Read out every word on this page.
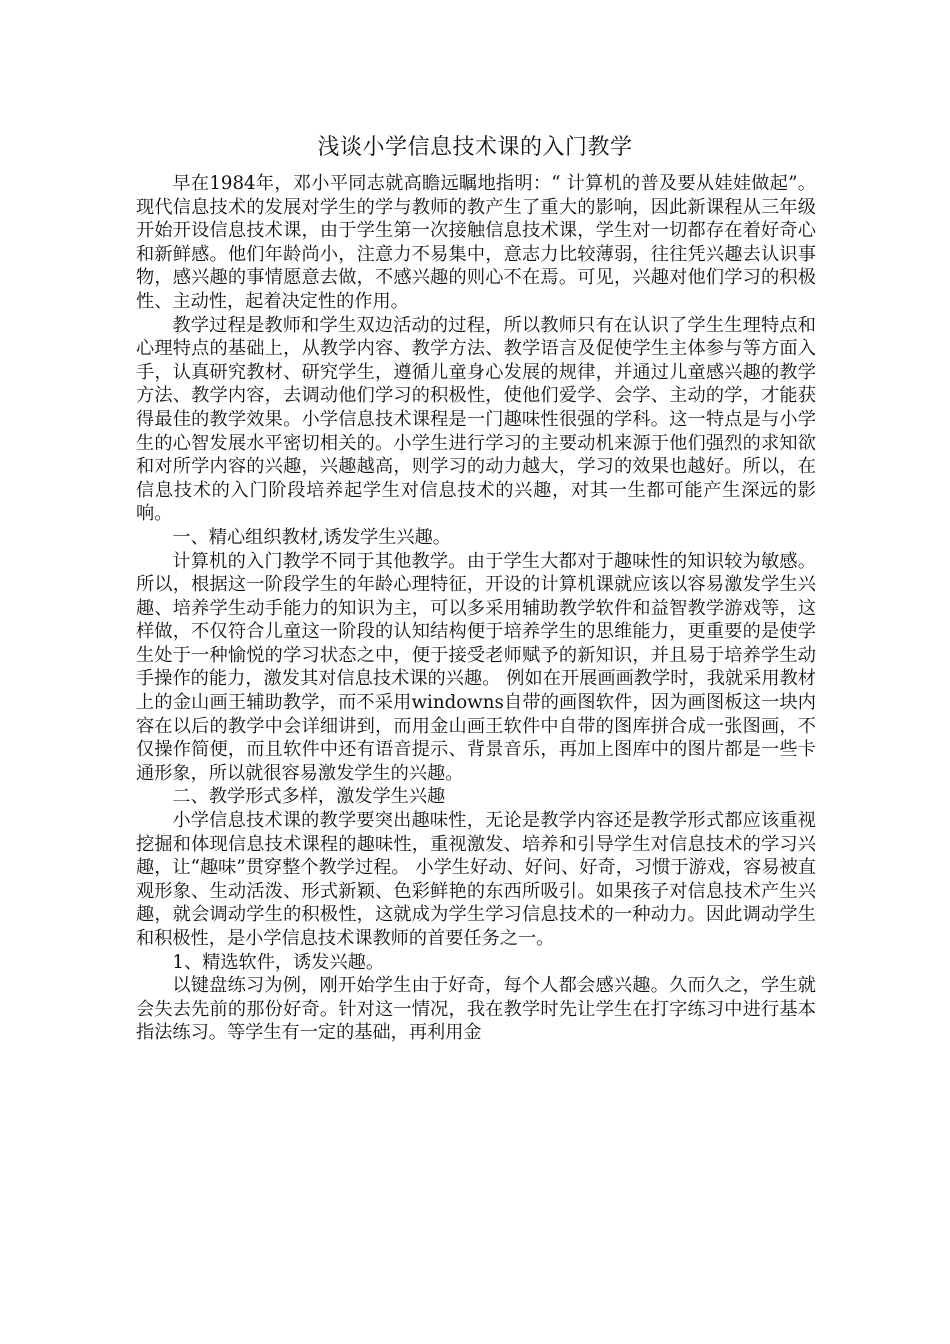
浅谈小学信息技术课的入门教学

早在1984年，邓小平同志就高瞻远瞩地指明：“ 计算机的普及要从娃娃做起”。现代信息技术的发展对学生的学与教师的教产生了重大的影响，因此新课程从三年级开始开设信息技术课，由于学生第一次接触信息技术课，学生对一切都存在着好奇心和新鲜感。他们年龄尚小，注意力不易集中，意志力比较薄弱，往往凭兴趣去认识事物，感兴趣的事情愿意去做，不感兴趣的则心不在焉。可见，兴趣对他们学习的积极性、主动性，起着决定性的作用。

教学过程是教师和学生双边活动的过程，所以教师只有在认识了学生生理特点和心理特点的基础上，从教学内容、教学方法、教学语言及促使学生主体参与等方面入手，认真研究教材、研究学生，遵循儿童身心发展的规律，并通过儿童感兴趣的教学方法、教学内容，去调动他们学习的积极性，使他们爱学、会学、主动的学，才能获得最佳的教学效果。小学信息技术课程是一门趣味性很强的学科。这一特点是与小学生的心智发展水平密切相关的。小学生进行学习的主要动机来源于他们强烈的求知欲和对所学内容的兴趣，兴趣越高，则学习的动力越大，学习的效果也越好。所以，在信息技术的入门阶段培养起学生对信息技术的兴趣，对其一生都可能产生深远的影响。

一、精心组织教材,诱发学生兴趣。

计算机的入门教学不同于其他教学。由于学生大都对于趣味性的知识较为敏感。所以，根据这一阶段学生的年龄心理特征，开设的计算机课就应该以容易激发学生兴趣、培养学生动手能力的知识为主，可以多采用辅助教学软件和益智教学游戏等，这样做，不仅符合儿童这一阶段的认知结构便于培养学生的思维能力，更重要的是使学生处于一种愉悦的学习状态之中，便于接受老师赋予的新知识，并且易于培养学生动手操作的能力，激发其对信息技术课的兴趣。 例如在开展画画教学时，我就采用教材上的金山画王辅助教学，而不采用windowns自带的画图软件，因为画图板这一块内容在以后的教学中会详细讲到，而用金山画王软件中自带的图库拼合成一张图画，不仅操作简便，而且软件中还有语音提示、背景音乐，再加上图库中的图片都是一些卡通形象，所以就很容易激发学生的兴趣。

二、教学形式多样，激发学生兴趣

小学信息技术课的教学要突出趣味性，无论是教学内容还是教学形式都应该重视挖掘和体现信息技术课程的趣味性，重视激发、培养和引导学生对信息技术的学习兴趣，让“趣味”贯穿整个教学过程。 小学生好动、好问、好奇，习惯于游戏，容易被直观形象、生动活泼、形式新颖、色彩鲜艳的东西所吸引。如果孩子对信息技术产生兴趣，就会调动学生的积极性，这就成为学生学习信息技术的一种动力。因此调动学生和积极性，是小学信息技术课教师的首要任务之一。

1、精选软件，诱发兴趣。

以键盘练习为例，刚开始学生由于好奇，每个人都会感兴趣。久而久之，学生就会失去先前的那份好奇。针对这一情况，我在教学时先让学生在打字练习中进行基本指法练习。等学生有一定的基础，再利用金
